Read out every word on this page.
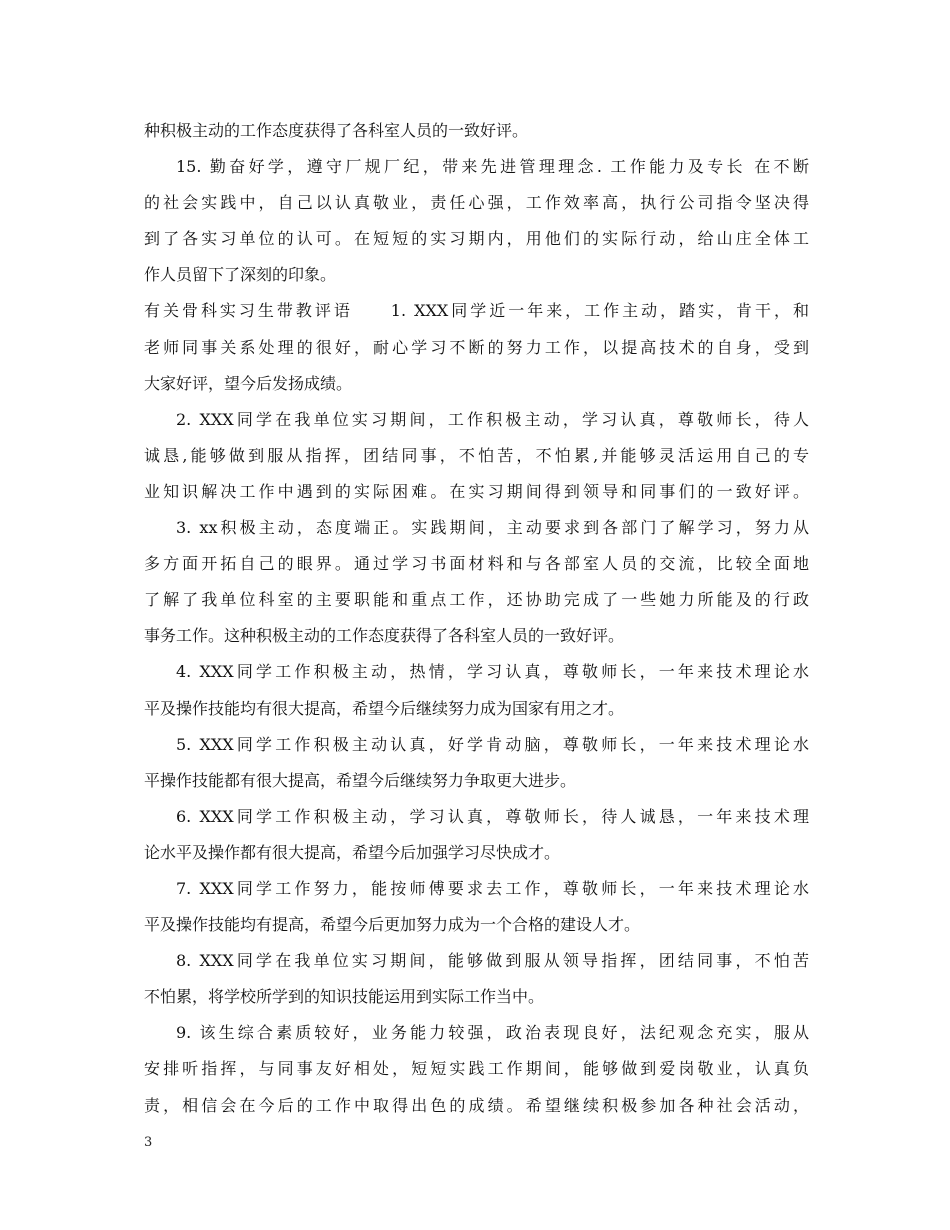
种积极主动的工作态度获得了各科室人员的一致好评。
15. 勤奋好学，遵守厂规厂纪，带来先进管理理念. 工作能力及专长 在不断
的社会实践中，自己以认真敬业，责任心强，工作效率高，执行公司指令坚决得
到了各实习单位的认可。在短短的实习期内，用他们的实际行动，给山庄全体工
作人员留下了深刻的印象。
有关骨科实习生带教评语　　1. XXX同学近一年来，工作主动，踏实，肯干，和
老师同事关系处理的很好，耐心学习不断的努力工作，以提高技术的自身，受到
大家好评，望今后发扬成绩。
2. XXX同学在我单位实习期间，工作积极主动，学习认真，尊敬师长，待人
诚恳,能够做到服从指挥，团结同事，不怕苦，不怕累,并能够灵活运用自己的专
业知识解决工作中遇到的实际困难。在实习期间得到领导和同事们的一致好评。
3. xx积极主动，态度端正。实践期间，主动要求到各部门了解学习，努力从
多方面开拓自己的眼界。通过学习书面材料和与各部室人员的交流，比较全面地
了解了我单位科室的主要职能和重点工作，还协助完成了一些她力所能及的行政
事务工作。这种积极主动的工作态度获得了各科室人员的一致好评。
4. XXX同学工作积极主动，热情，学习认真，尊敬师长，一年来技术理论水
平及操作技能均有很大提高，希望今后继续努力成为国家有用之才。
5. XXX同学工作积极主动认真，好学肯动脑，尊敬师长，一年来技术理论水
平操作技能都有很大提高，希望今后继续努力争取更大进步。
6. XXX同学工作积极主动，学习认真，尊敬师长，待人诚恳，一年来技术理
论水平及操作都有很大提高，希望今后加强学习尽快成才。
7. XXX同学工作努力，能按师傅要求去工作，尊敬师长，一年来技术理论水
平及操作技能均有提高，希望今后更加努力成为一个合格的建设人才。
8. XXX同学在我单位实习期间，能够做到服从领导指挥，团结同事，不怕苦
不怕累，将学校所学到的知识技能运用到实际工作当中。
9. 该生综合素质较好，业务能力较强，政治表现良好，法纪观念充实，服从
安排听指挥，与同事友好相处，短短实践工作期间，能够做到爱岗敬业，认真负
责，相信会在今后的工作中取得出色的成绩。希望继续积极参加各种社会活动，
3
